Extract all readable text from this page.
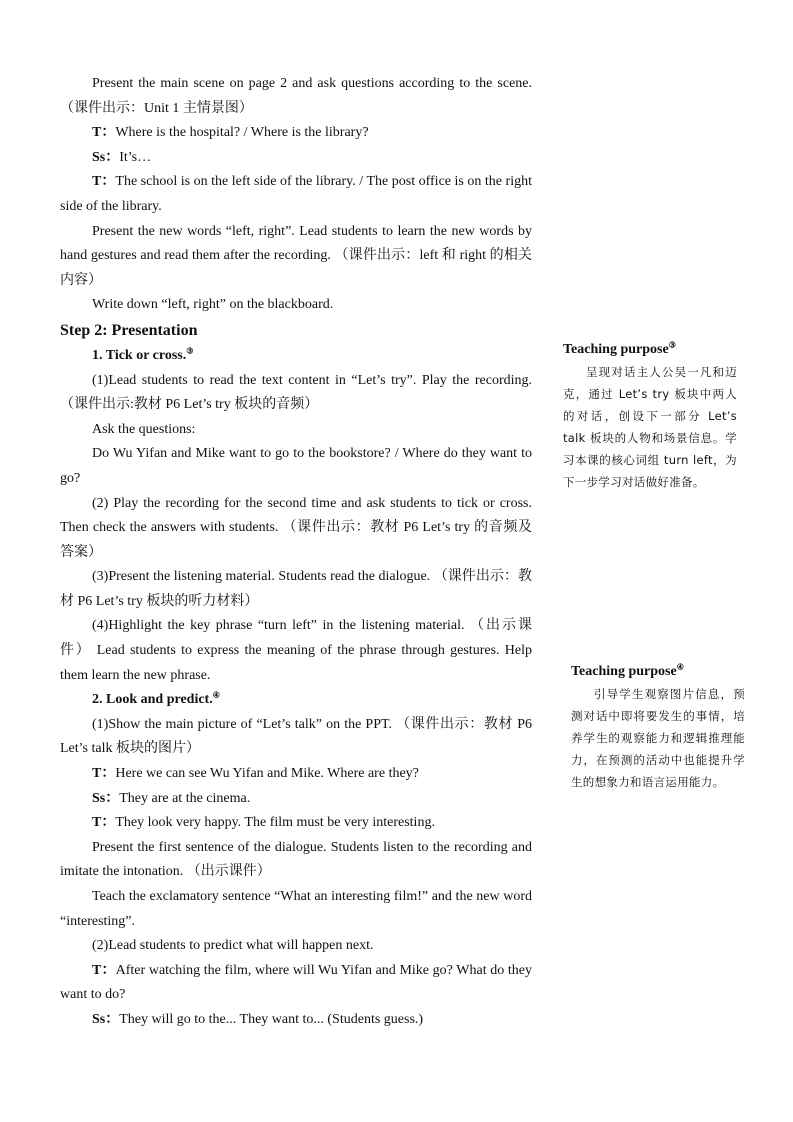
Present the main scene on page 2 and ask questions according to the scene. （课件出示：Unit 1 主情景图）

T：Where is the hospital? / Where is the library?

Ss：It’s…

T：The school is on the left side of the library. / The post office is on the right side of the library.

Present the new words “left, right”. Lead students to learn the new words by hand gestures and read them after the recording. （课件出示：left 和 right 的相关内容）

Write down “left, right” on the blackboard.

Step 2: Presentation

1. Tick or cross.③

(1)Lead students to read the text content in “Let’s try”. Play the recording. （课件出示:教材 P6 Let’s try 板块的音频）

Ask the questions:

Do Wu Yifan and Mike want to go to the bookstore? / Where do they want to go?

(2) Play the recording for the second time and ask students to tick or cross. Then check the answers with students. （课件出示：教材 P6 Let’s try 的音频及答案）

(3)Present the listening material. Students read the dialogue. （课件出示：教材 P6 Let’s try 板块的听力材料）

(4)Highlight the key phrase “turn left” in the listening material. （出示课件） Lead students to express the meaning of the phrase through gestures. Help them learn the new phrase.

2. Look and predict.④

(1)Show the main picture of “Let’s talk” on the PPT. （课件出示：教材 P6 Let’s talk 板块的图片）

T：Here we can see Wu Yifan and Mike. Where are they?

Ss：They are at the cinema.

T：They look very happy. The film must be very interesting.

Present the first sentence of the dialogue. Students listen to the recording and imitate the intonation. （出示课件）

Teach the exclamatory sentence “What an interesting film!” and the new word “interesting”.

(2)Lead students to predict what will happen next.

T：After watching the film, where will Wu Yifan and Mike go? What do they want to do?

Ss：They will go to the... They want to... (Students guess.)

Teaching purpose③

呈现对话主人公吴一凡和迈克，通过 Let’s try 板块中两人的对话，创设下一部分 Let’s talk 板块的人物和场景信息。学习本课的核心词组 turn left，为下一步学习对话做好准备。

Teaching purpose④

引导学生观察图片信息，预测对话中即将要发生的事情，培养学生的观察能力和逻辑推理能力，在预测的活动中也能提升学生的想象力和语言运用能力。
